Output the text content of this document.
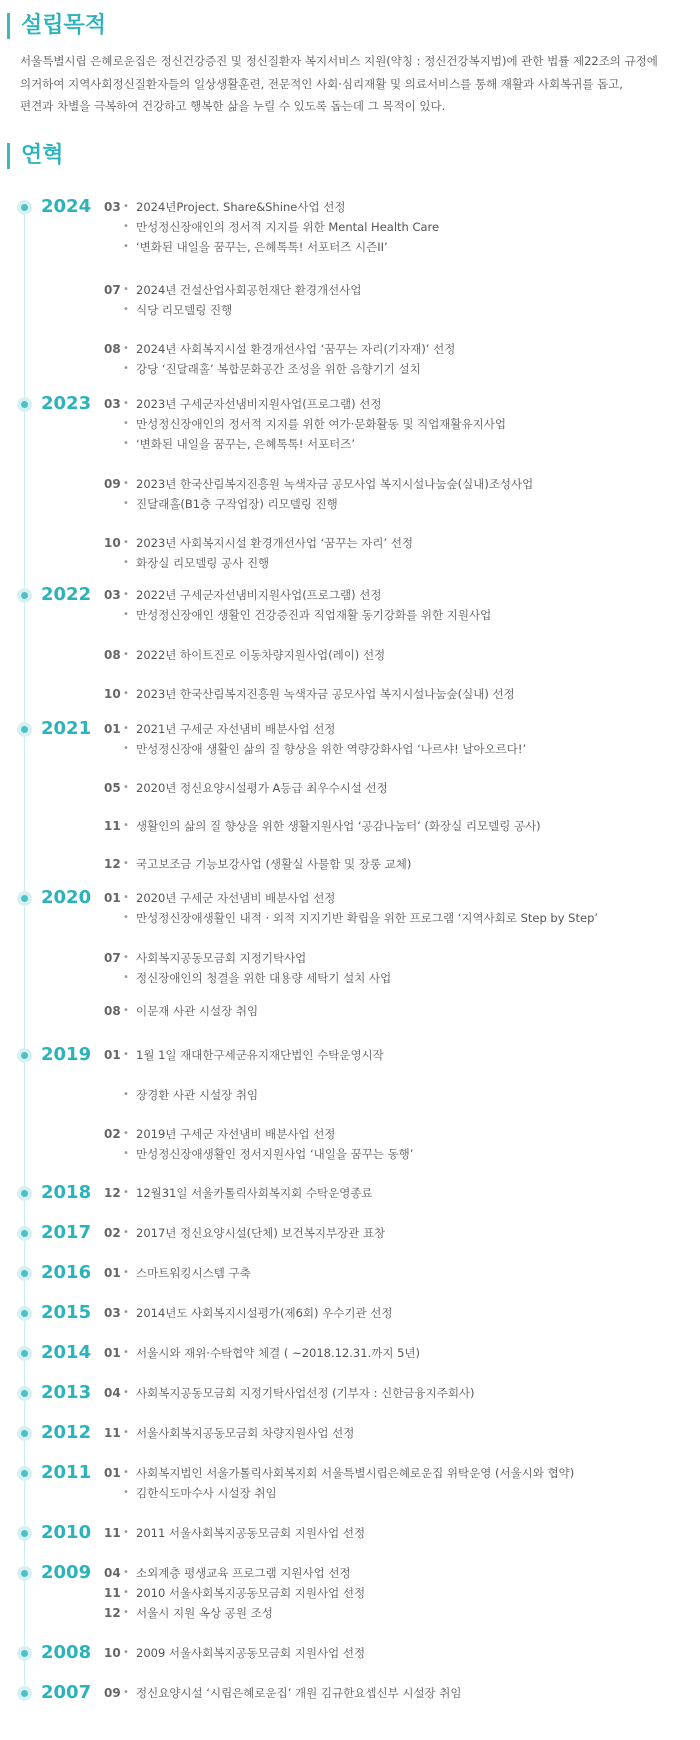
설립목적

서울특별시립 은혜로운집은 정신건강증진 및 정신질환자 복지서비스 지원(약칭 : 정신건강복지법)에 관한 법률 제22조의 규정에

의거하여 지역사회정신질환자들의 일상생활훈련, 전문적인 사회·심리재활 및 의료서비스를 통해 재활과 사회복귀를 돕고,

편견과 차별을 극복하여 건강하고 행복한 삶을 누릴 수 있도록 돕는데 그 목적이 있다.

연혁
2024 03 • 2024년Project. Share&Shine사업 선정
• 만성정신장애인의 정서적 지지를 위한 Mental Health Care
• ‘변화된 내일을 꿈꾸는, 은혜톡톡! 서포터즈 시즌II’
07 • 2024년 건설산업사회공헌재단 환경개선사업
• 식당 리모델링 진행
08 • 2024년 사회복지시설 환경개선사업 ‘꿈꾸는 자리(기자재)’ 선정
• 강당 ‘진달래홀’ 복합문화공간 조성을 위한 음향기기 설치
2023 03 • 2023년 구세군자선냄비지원사업(프로그램) 선정
• 만성정신장애인의 정서적 지지를 위한 여가·문화활동 및 직업재활유지사업
• ‘변화된 내일을 꿈꾸는, 은혜톡톡! 서포터즈’
09 • 2023년 한국산림복지진흥원 녹색자금 공모사업 복지시설나눔숲(실내)조성사업
• 진달래홀(B1층 구작업장) 리모델링 진행
10 • 2023년 사회복지시설 환경개선사업 ‘꿈꾸는 자리’ 선정
• 화장실 리모델링 공사 진행
2022 03 • 2022년 구세군자선냄비지원사업(프로그램) 선정
• 만성정신장애인 생활인 건강증진과 직업재활 동기강화를 위한 지원사업
08 • 2022년 하이트진로 이동차량지원사업(레이) 선정
10 • 2023년 한국산림복지진흥원 녹색자금 공모사업 복지시설나눔숲(실내) 선정
2021 01 • 2021년 구세군 자선냄비 배분사업 선정
• 만성정신장애 생활인 삶의 질 향상을 위한 역량강화사업 ‘나르샤! 날아오르다!’
05 • 2020년 정신요양시설평가 A등급 최우수시설 선정
11 • 생활인의 삶의 질 향상을 위한 생활지원사업 ‘공감나눔터’ (화장실 리모델링 공사)
12 • 국고보조금 기능보강사업 (생활실 사물함 및 장롱 교체)
2020 01 • 2020년 구세군 자선냄비 배분사업 선정
• 만성정신장애생활인 내적 · 외적 지지기반 확립을 위한 프로그램 ‘지역사회로 Step by Step’
07 • 사회복지공동모금회 지정기탁사업
• 정신장애인의 청결을 위한 대용량 세탁기 설치 사업
08 • 이문재 사관 시설장 취임
2019 01 • 1월 1일 재대한구세군유지재단법인 수탁운영시작
• 장경환 사관 시설장 취임
02 • 2019년 구세군 자선냄비 배분사업 선정
• 만성정신장애생활인 정서지원사업 ‘내일을 꿈꾸는 동행’
2018 12 • 12월31일 서울카톨릭사회복지회 수탁운영종료
2017 02 • 2017년 정신요양시설(단체) 보건복지부장관 표창
2016 01 • 스마트워킹시스템 구축
2015 03 • 2014년도 사회복지시설평가(제6회) 우수기관 선정
2014 01 • 서울시와 재위·수탁협약 체결 ( ~2018.12.31.까지 5년)
2013 04 • 사회복지공동모금회 지정기탁사업선정 (기부자 : 신한금융지주회사)
2012 11 • 서울사회복지공동모금회 차량지원사업 선정
2011 01 • 사회복지법인 서울가톨릭사회복지회 서울특별시립은혜로운집 위탁운영 (서울시와 협약)
• 김한식도마수사 시설장 취임
2010 11 • 2011 서울사회복지공동모금회 지원사업 선정
2009 04 • 소외계층 평생교육 프로그램 지원사업 선정
11 • 2010 서울사회복지공동모금회 지원사업 선정
12 • 서울시 지원 옥상 공원 조성
2008 10 • 2009 서울사회복지공동모금회 지원사업 선정
2007 09 • 정신요양시설 ‘시립은혜로운집’ 개원 김규한요셉신부 시설장 취임
